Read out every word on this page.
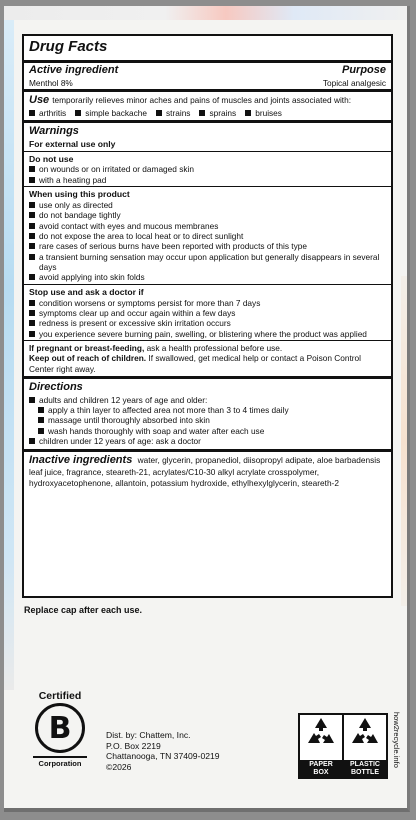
Drug Facts
Active ingredient	Purpose
Menthol 8%	Topical analgesic
Use temporarily relieves minor aches and pains of muscles and joints associated with:
arthritis simple backache strains sprains bruises
Warnings
For external use only
Do not use
on wounds or on irritated or damaged skin
with a heating pad
When using this product
use only as directed
do not bandage tightly
avoid contact with eyes and mucous membranes
do not expose the area to local heat or to direct sunlight
rare cases of serious burns have been reported with products of this type
a transient burning sensation may occur upon application but generally disappears in several days
avoid applying into skin folds
Stop use and ask a doctor if
condition worsens or symptoms persist for more than 7 days
symptoms clear up and occur again within a few days
redness is present or excessive skin irritation occurs
you experience severe burning pain, swelling, or blistering where the product was applied
If pregnant or breast-feeding, ask a health professional before use.
Keep out of reach of children. If swallowed, get medical help or contact a Poison Control Center right away.
Directions
adults and children 12 years of age and older:
apply a thin layer to affected area not more than 3 to 4 times daily
massage until thoroughly absorbed into skin
wash hands thoroughly with soap and water after each use
children under 12 years of age: ask a doctor
Inactive ingredients water, glycerin, propanediol, diisopropyl adipate, aloe barbadensis leaf juice, fragrance, steareth-21, acrylates/C10-30 alkyl acrylate crosspolymer, hydroxyacetophenone, allantoin, potassium hydroxide, ethylhexylglycerin, steareth-2
Replace cap after each use.
Certified
B
Corporation
Dist. by: Chattem, Inc.
P.O. Box 2219
Chattanooga, TN 37409-0219
©2026	PAPER
BOX
PLASTIC
BOTTLE
how2recycle.info
